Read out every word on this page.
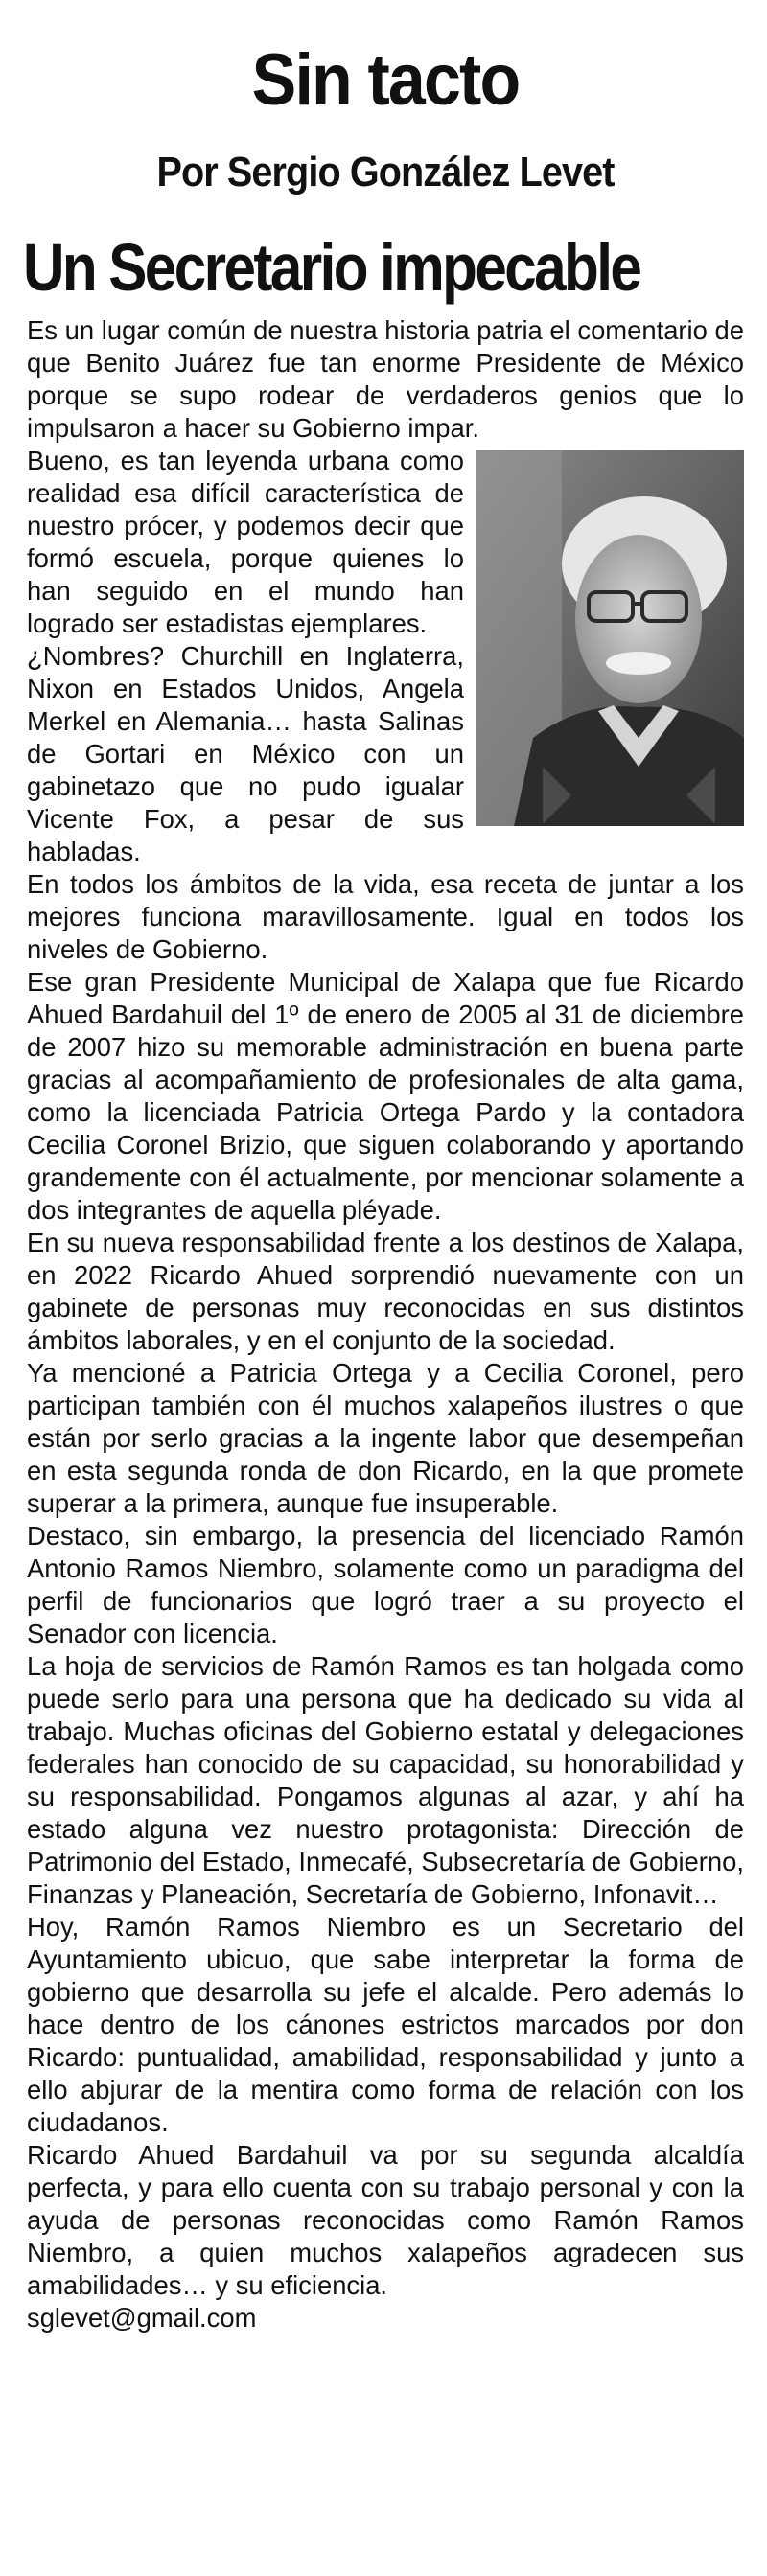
Sin tacto
Por Sergio González Levet
Un Secretario impecable

Es un lugar común de nuestra historia patria el comentario de que Benito Juárez fue tan enorme Presidente de México porque se supo rodear de verdaderos genios que lo impulsaron a hacer su Gobierno impar.

Bueno, es tan leyenda urbana como realidad esa difícil característica de nuestro prócer, y podemos decir que formó escuela, porque quienes lo han seguido en el mundo han logrado ser estadistas ejemplares.

¿Nombres? Churchill en Inglaterra, Nixon en Estados Unidos, Angela Merkel en Alemania… hasta Salinas de Gortari en México con un gabinetazo que no pudo igualar Vicente Fox, a pesar de sus habladas.

En todos los ámbitos de la vida, esa receta de juntar a los mejores funciona maravillosamente. Igual en todos los niveles de Gobierno.

Ese gran Presidente Municipal de Xalapa que fue Ricardo Ahued Bardahuil del 1º de enero de 2005 al 31 de diciembre de 2007 hizo su memorable administración en buena parte gracias al acompañamiento de profesionales de alta gama, como la licenciada Patricia Ortega Pardo y la contadora Cecilia Coronel Brizio, que siguen colaborando y aportando grandemente con él actualmente, por mencionar solamente a dos integrantes de aquella pléyade.

En su nueva responsabilidad frente a los destinos de Xalapa, en 2022 Ricardo Ahued sorprendió nuevamente con un gabinete de personas muy reconocidas en sus distintos ámbitos laborales, y en el conjunto de la sociedad.

Ya mencioné a Patricia Ortega y a Cecilia Coronel, pero participan también con él muchos xalapeños ilustres o que están por serlo gracias a la ingente labor que desempeñan en esta segunda ronda de don Ricardo, en la que promete superar a la primera, aunque fue insuperable.

Destaco, sin embargo, la presencia del licenciado Ramón Antonio Ramos Niembro, solamente como un paradigma del perfil de funcionarios que logró traer a su proyecto el Senador con licencia.

La hoja de servicios de Ramón Ramos es tan holgada como puede serlo para una persona que ha dedicado su vida al trabajo. Muchas oficinas del Gobierno estatal y delegaciones federales han conocido de su capacidad, su honorabilidad y su responsabilidad. Pongamos algunas al azar, y ahí ha estado alguna vez nuestro protagonista: Dirección de Patrimonio del Estado, Inmecafé, Subsecretaría de Gobierno, Finanzas y Planeación, Secretaría de Gobierno, Infonavit…

Hoy, Ramón Ramos Niembro es un Secretario del Ayuntamiento ubicuo, que sabe interpretar la forma de gobierno que desarrolla su jefe el alcalde. Pero además lo hace dentro de los cánones estrictos marcados por don Ricardo: puntualidad, amabilidad, responsabilidad y junto a ello abjurar de la mentira como forma de relación con los ciudadanos.

Ricardo Ahued Bardahuil va por su segunda alcaldía perfecta, y para ello cuenta con su trabajo personal y con la ayuda de personas reconocidas como Ramón Ramos Niembro, a quien muchos xalapeños agradecen sus amabilidades… y su eficiencia.

sglevet@gmail.com
